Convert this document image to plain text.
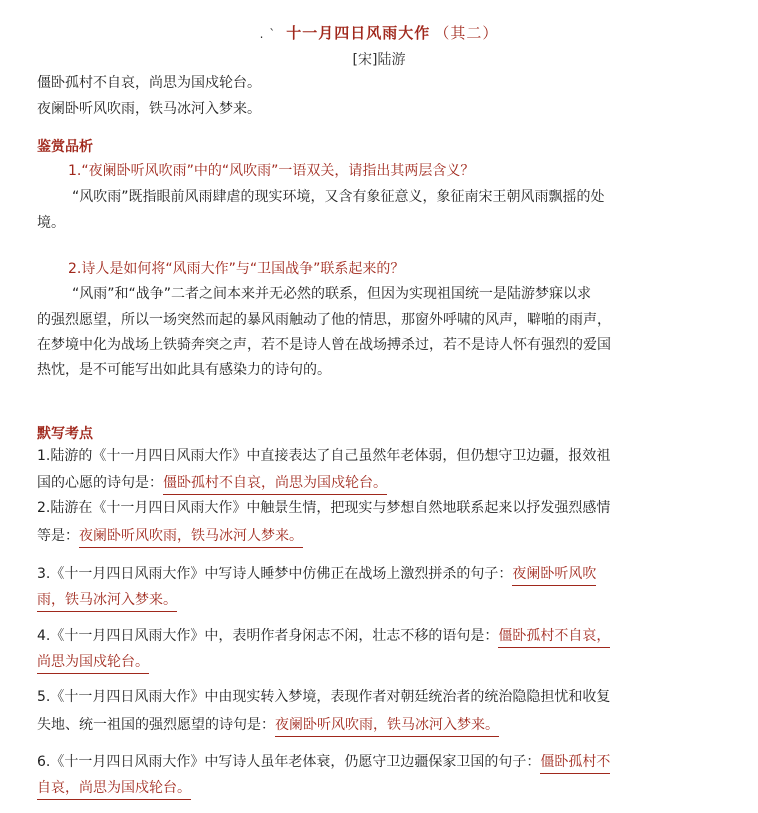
. ` 十一月四日风雨大作 （其二）
[宋]陆游
僵卧孤村不自哀，尚思为国戍轮台。
夜阑卧听风吹雨，铁马冰河入梦来。
鉴赏品析
1.“夜阑卧听风吹雨”中的“风吹雨”一语双关，请指出其两层含义？
“风吹雨”既指眼前风雨肆虐的现实环境，又含有象征意义，象征南宋王朝风雨飘摇的处
境。
2.诗人是如何将“风雨大作”与“卫国战争”联系起来的？
“风雨”和“战争”二者之间本来并无必然的联系，但因为实现祖国统一是陆游梦寐以求
的强烈愿望，所以一场突然而起的暴风雨触动了他的情思，那窗外呼啸的风声，噼啪的雨声，
在梦境中化为战场上铁骑奔突之声，若不是诗人曾在战场搏杀过，若不是诗人怀有强烈的爱国
热忱，是不可能写出如此具有感染力的诗句的。
默写考点
1.陆游的《十一月四日风雨大作》中直接表达了自己虽然年老体弱，但仍想守卫边疆，报效祖
国的心愿的诗句是：僵卧孤村不自哀，尚思为国戍轮台。
2.陆游在《十一月四日风雨大作》中触景生情，把现实与梦想自然地联系起来以抒发强烈感情
等是：夜阑卧听风吹雨，铁马冰河人梦来。
3.《十一月四日风雨大作》中写诗人睡梦中仿佛正在战场上激烈拼杀的句子：夜阑卧听风吹
雨，铁马冰河入梦来。
4.《十一月四日风雨大作》中，表明作者身闲志不闲，壮志不移的语句是：僵卧孤村不自哀，
尚思为国戍轮台。
5.《十一月四日风雨大作》中由现实转入梦境，表现作者对朝廷统治者的统治隐隐担忧和收复
失地、统一祖国的强烈愿望的诗句是：夜阑卧听风吹雨，铁马冰河入梦来。
6.《十一月四日风雨大作》中写诗人虽年老体衰，仍愿守卫边疆保家卫国的句子：僵卧孤村不
自哀，尚思为国戍轮台。
